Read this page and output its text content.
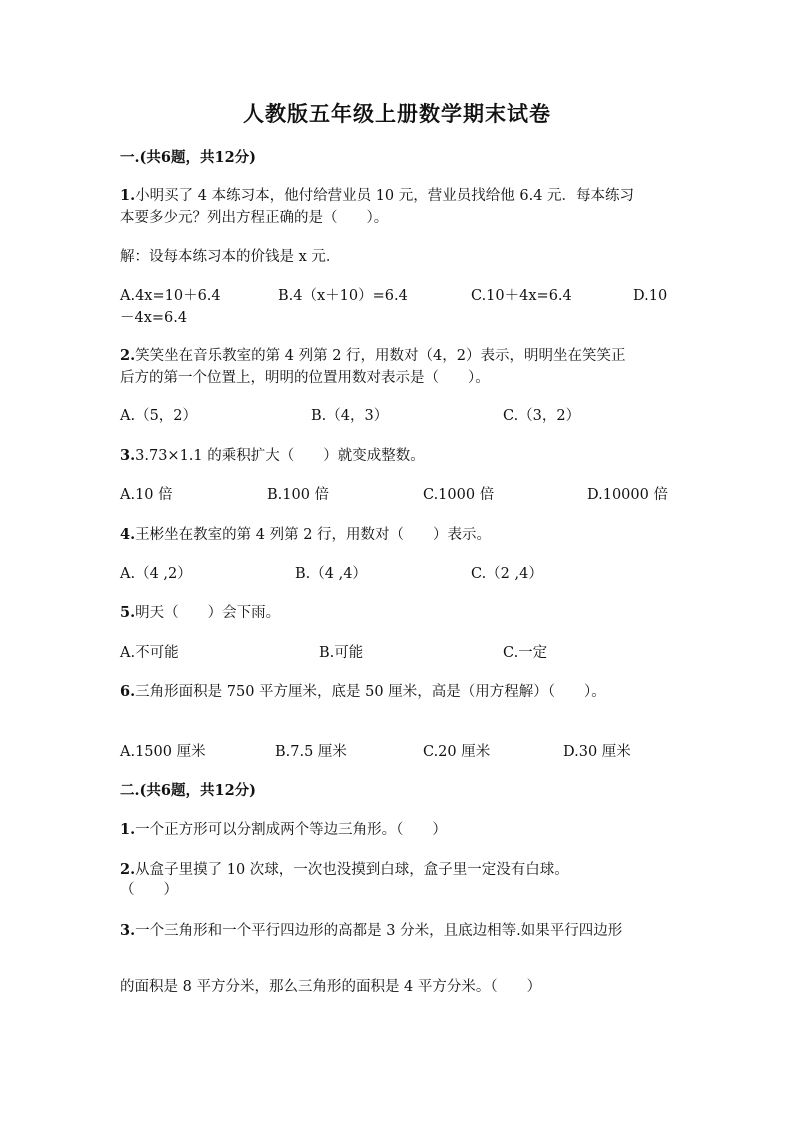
人教版五年级上册数学期末试卷
一.(共6题，共12分)
1.小明买了 4 本练习本，他付给营业员 10 元，营业员找给他 6.4 元．每本练习
本要多少元？列出方程正确的是（　　）。
解：设每本练习本的价钱是 x 元．
A.4x=10＋6.4	B.4（x＋10）=6.4	C.10＋4x=6.4	D.10
－4x=6.4
2.笑笑坐在音乐教室的第 4 列第 2 行，用数对（4，2）表示，明明坐在笑笑正
后方的第一个位置上，明明的位置用数对表示是（　　）。
A.（5，2）	B.（4，3）	C.（3，2）
3.3.73×1.1 的乘积扩大（　　）就变成整数。
A.10 倍	B.100 倍	C.1000 倍	D.10000 倍
4.王彬坐在教室的第 4 列第 2 行，用数对（　　）表示。
A.（4 ,2）	B.（4 ,4）	C.（2 ,4）
5.明天（　　）会下雨。
A.不可能	B.可能	C.一定
6.三角形面积是 750 平方厘米，底是 50 厘米，高是（用方程解）（　　）。
A.1500 厘米	B.7.5 厘米	C.20 厘米	D.30 厘米
二.(共6题，共12分)
1.一个正方形可以分割成两个等边三角形。（　　）
2.从盒子里摸了 10 次球，一次也没摸到白球，盒子里一定没有白球。
（　　）
3.一个三角形和一个平行四边形的高都是 3 分米，且底边相等.如果平行四边形
的面积是 8 平方分米，那么三角形的面积是 4 平方分米。（　　）
